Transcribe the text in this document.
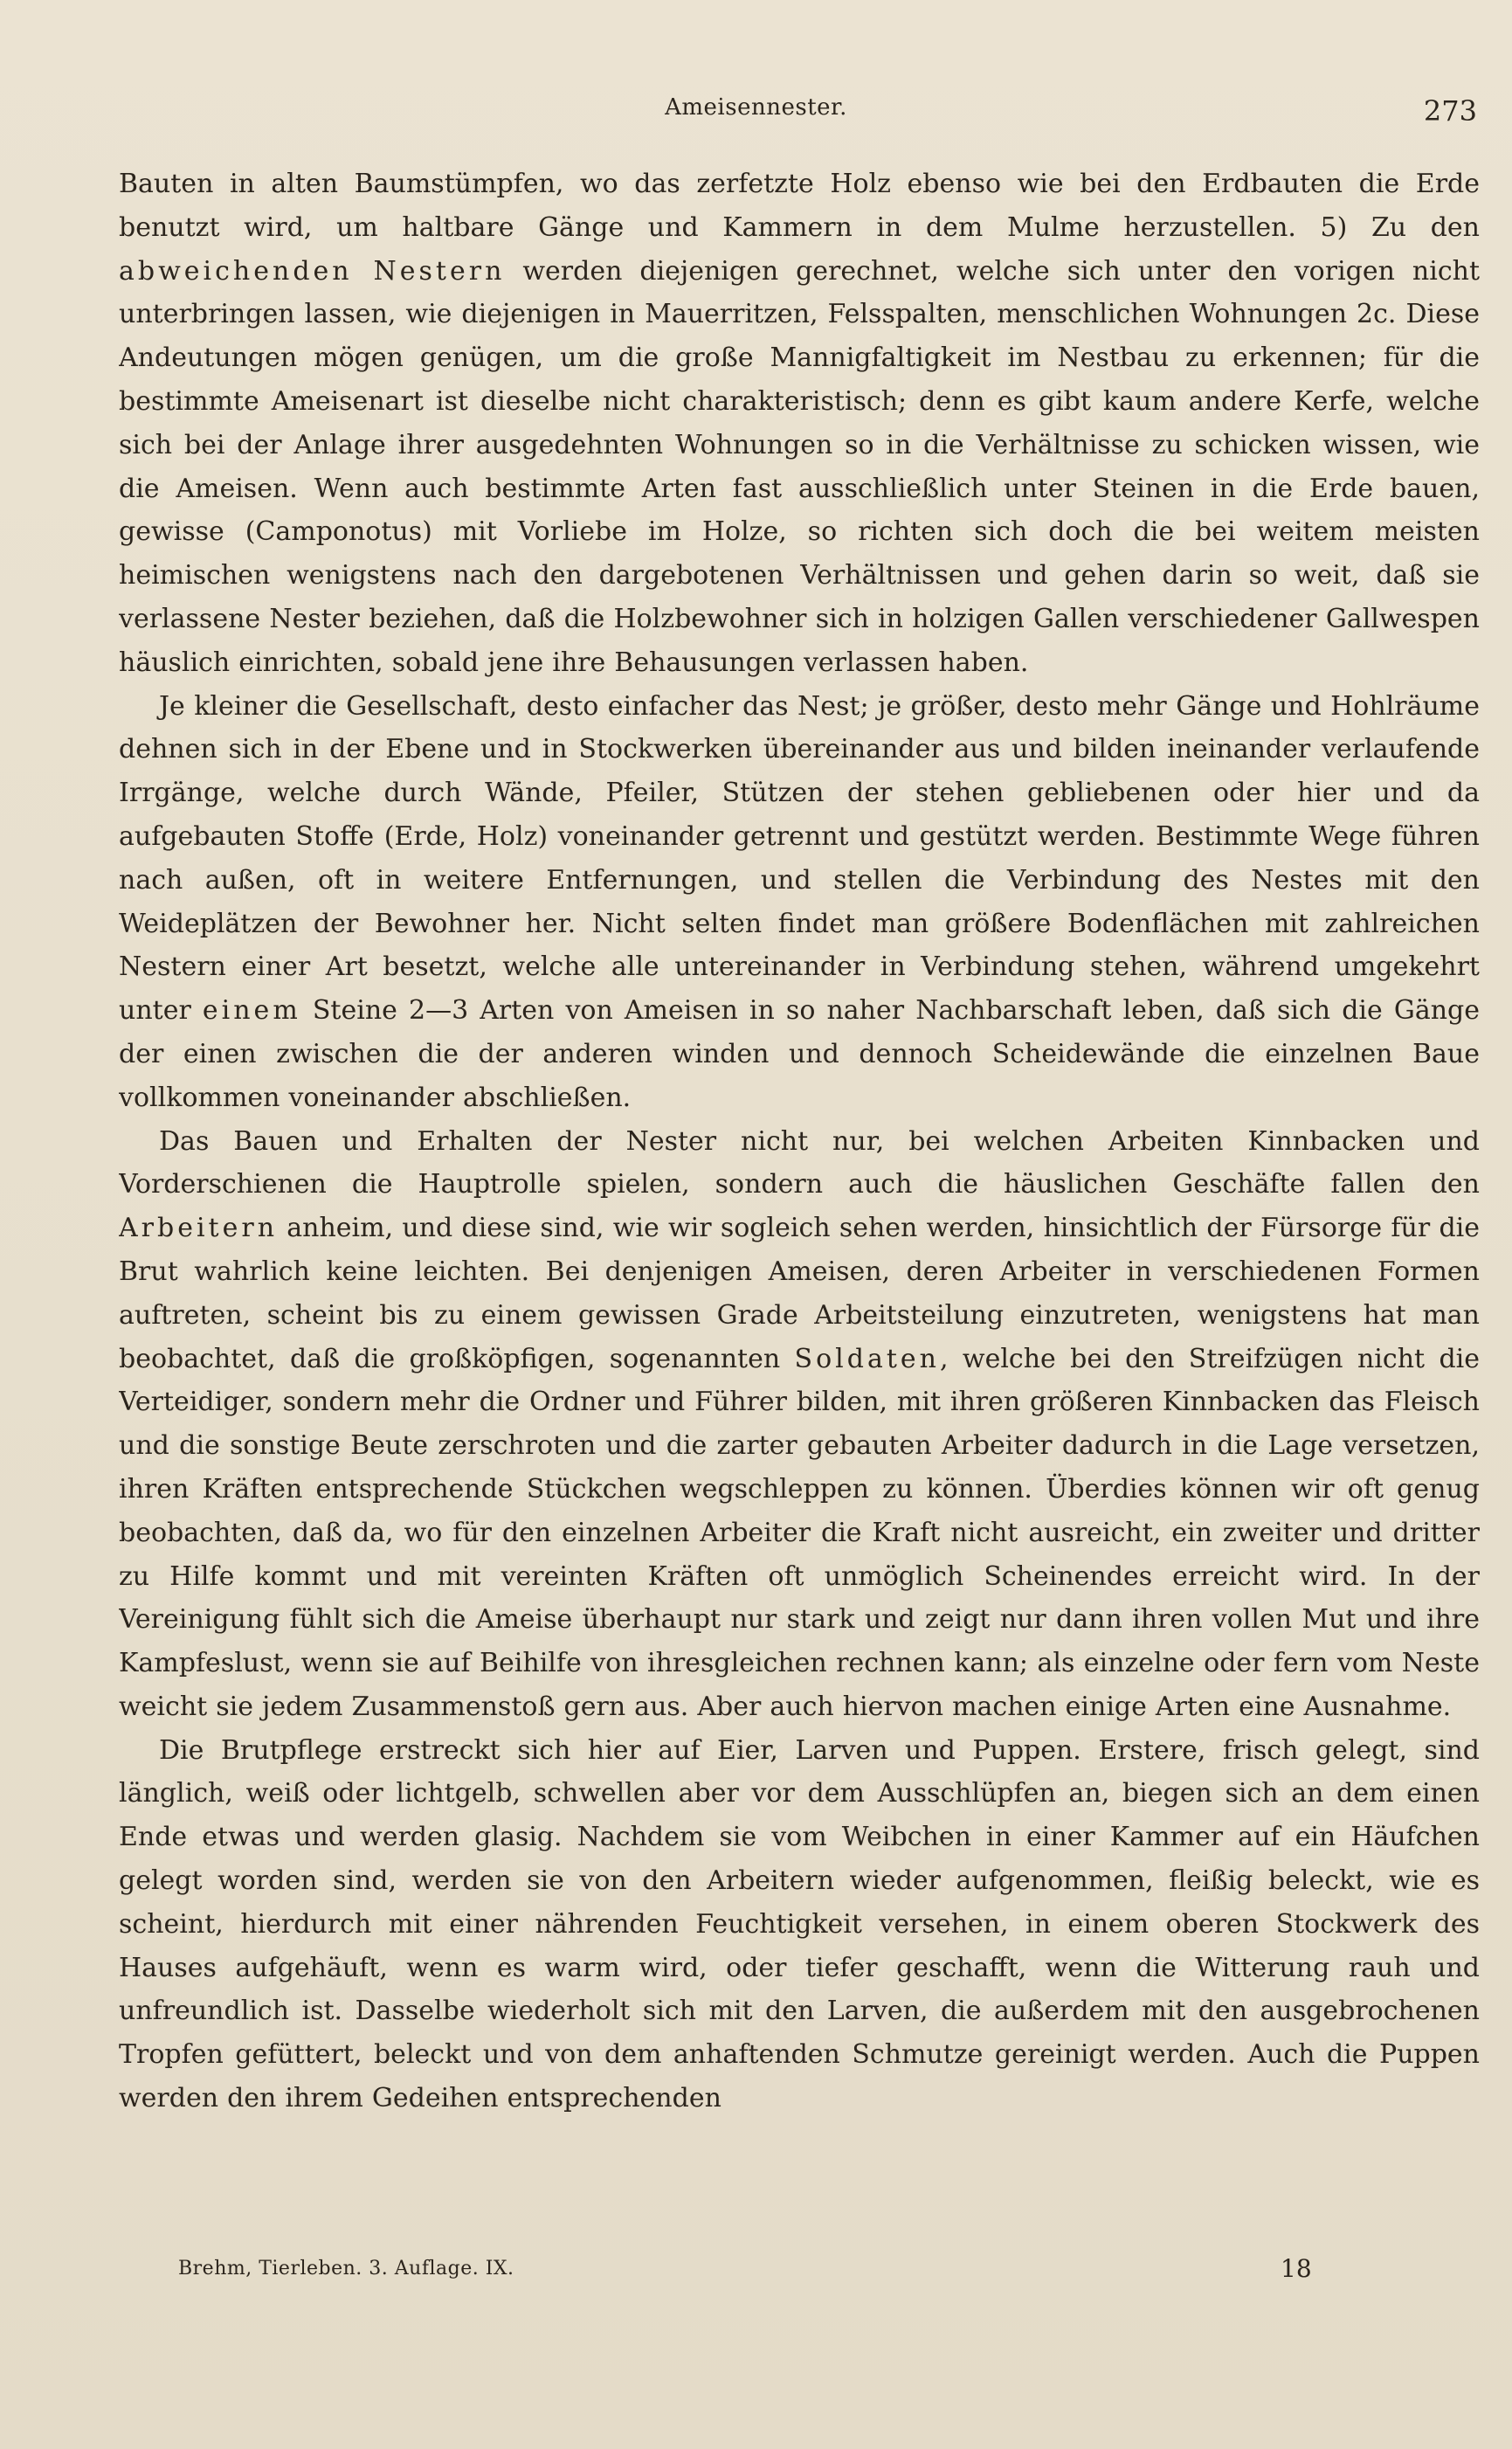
Ameisennester.	273

Bauten in alten Baumstümpfen, wo das zerfetzte Holz ebenso wie bei den Erdbauten die Erde benutzt wird, um haltbare Gänge und Kammern in dem Mulme herzustellen. 5) Zu den abweichenden Nestern werden diejenigen gerechnet, welche sich unter den vorigen nicht unterbringen lassen, wie diejenigen in Mauerritzen, Felsspalten, menschlichen Wohnungen 2c. Diese Andeutungen mögen genügen, um die große Mannigfaltigkeit im Nestbau zu erkennen; für die bestimmte Ameisenart ist dieselbe nicht charakteristisch; denn es gibt kaum andere Kerfe, welche sich bei der Anlage ihrer ausgedehnten Wohnungen so in die Verhältnisse zu schicken wissen, wie die Ameisen. Wenn auch bestimmte Arten fast ausschließlich unter Steinen in die Erde bauen, gewisse (Camponotus) mit Vorliebe im Holze, so richten sich doch die bei weitem meisten heimischen wenigstens nach den dargebotenen Verhältnissen und gehen darin so weit, daß sie verlassene Nester beziehen, daß die Holzbewohner sich in holzigen Gallen verschiedener Gallwespen häuslich einrichten, sobald jene ihre Behausungen verlassen haben.

Je kleiner die Gesellschaft, desto einfacher das Nest; je größer, desto mehr Gänge und Hohlräume dehnen sich in der Ebene und in Stockwerken übereinander aus und bilden ineinander verlaufende Irrgänge, welche durch Wände, Pfeiler, Stützen der stehen gebliebenen oder hier und da aufgebauten Stoffe (Erde, Holz) voneinander getrennt und gestützt werden. Bestimmte Wege führen nach außen, oft in weitere Entfernungen, und stellen die Verbindung des Nestes mit den Weideplätzen der Bewohner her. Nicht selten findet man größere Bodenflächen mit zahlreichen Nestern einer Art besetzt, welche alle untereinander in Verbindung stehen, während umgekehrt unter einem Steine 2—3 Arten von Ameisen in so naher Nachbarschaft leben, daß sich die Gänge der einen zwischen die der anderen winden und dennoch Scheidewände die einzelnen Baue vollkommen voneinander abschließen.

Das Bauen und Erhalten der Nester nicht nur, bei welchen Arbeiten Kinnbacken und Vorderschienen die Hauptrolle spielen, sondern auch die häuslichen Geschäfte fallen den Arbeitern anheim, und diese sind, wie wir sogleich sehen werden, hinsichtlich der Fürsorge für die Brut wahrlich keine leichten. Bei denjenigen Ameisen, deren Arbeiter in verschiedenen Formen auftreten, scheint bis zu einem gewissen Grade Arbeitsteilung einzutreten, wenigstens hat man beobachtet, daß die großköpfigen, sogenannten Soldaten, welche bei den Streifzügen nicht die Verteidiger, sondern mehr die Ordner und Führer bilden, mit ihren größeren Kinnbacken das Fleisch und die sonstige Beute zerschroten und die zarter gebauten Arbeiter dadurch in die Lage versetzen, ihren Kräften entsprechende Stückchen wegschleppen zu können. Überdies können wir oft genug beobachten, daß da, wo für den einzelnen Arbeiter die Kraft nicht ausreicht, ein zweiter und dritter zu Hilfe kommt und mit vereinten Kräften oft unmöglich Scheinendes erreicht wird. In der Vereinigung fühlt sich die Ameise überhaupt nur stark und zeigt nur dann ihren vollen Mut und ihre Kampfeslust, wenn sie auf Beihilfe von ihresgleichen rechnen kann; als einzelne oder fern vom Neste weicht sie jedem Zusammenstoß gern aus. Aber auch hiervon machen einige Arten eine Ausnahme.

Die Brutpflege erstreckt sich hier auf Eier, Larven und Puppen. Erstere, frisch gelegt, sind länglich, weiß oder lichtgelb, schwellen aber vor dem Ausschlüpfen an, biegen sich an dem einen Ende etwas und werden glasig. Nachdem sie vom Weibchen in einer Kammer auf ein Häufchen gelegt worden sind, werden sie von den Arbeitern wieder aufgenommen, fleißig beleckt, wie es scheint, hierdurch mit einer nährenden Feuchtigkeit versehen, in einem oberen Stockwerk des Hauses aufgehäuft, wenn es warm wird, oder tiefer geschafft, wenn die Witterung rauh und unfreundlich ist. Dasselbe wiederholt sich mit den Larven, die außerdem mit den ausgebrochenen Tropfen gefüttert, beleckt und von dem anhaftenden Schmutze gereinigt werden. Auch die Puppen werden den ihrem Gedeihen entsprechenden

Brehm, Tierleben. 3. Auflage. IX.	18
